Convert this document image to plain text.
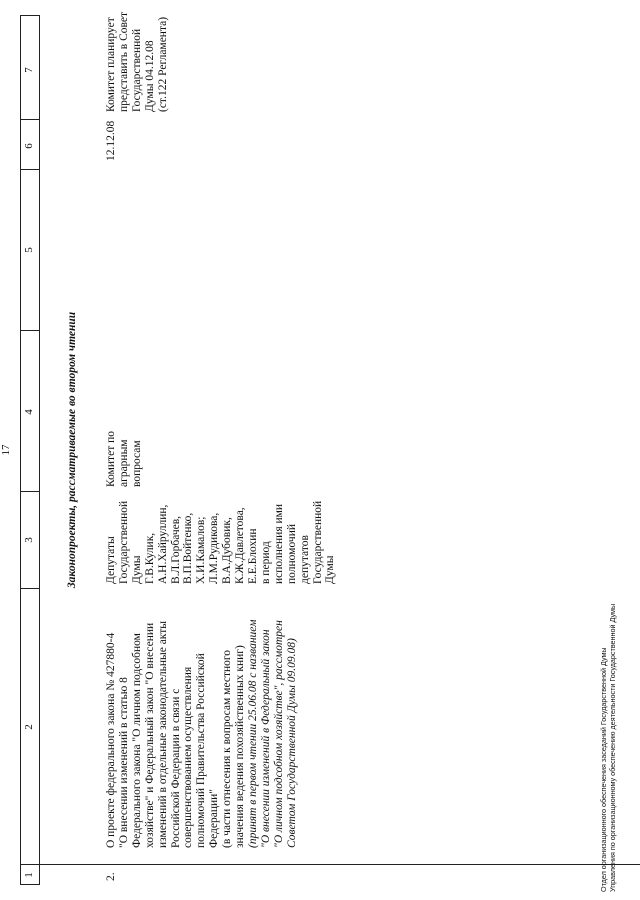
17
1
2
3
4
5
6
7
Законопроекты, рассматриваемые во втором чтении
2.
О проекте федерального закона № 427880-4 "О внесении изменений в статью 8 Федерального закона "О личном подсобном хозяйстве" и Федеральный закон "О внесении изменений в отдельные законодательные акты Российской Федерации в связи с совершенствованием осуществления полномочий Правительства Российской Федерации" (в части отнесения к вопросам местного значения ведения похозяйственных книг) (принят в первом чтении 25.06.08 с названием "О внесении изменений в Федеральный закон "О личном подсобном хозяйстве", рассмотрен Советом Государственной Думы 09.09.08)
Депутаты Государственной Думы Г.В.Кулик, А.Н.Хайруллин, В.Л.Горбачев, В.П.Войтенко, Х.И.Камалов; Л.М.Рудикова, В.А.Дубовик, К.Ж.Давлетова, Е.Е.Блохин в период исполнения ими полномочий депутатов Государственной Думы
Комитет по аграрным вопросам
12.12.08
Комитет планирует представить в Совет Государственной Думы 04.12.08 (ст.122 Регламента)
Отдел организационного обеспечения заседаний Государственной Думы Управления по организационному обеспечению деятельности Государственной Думы
